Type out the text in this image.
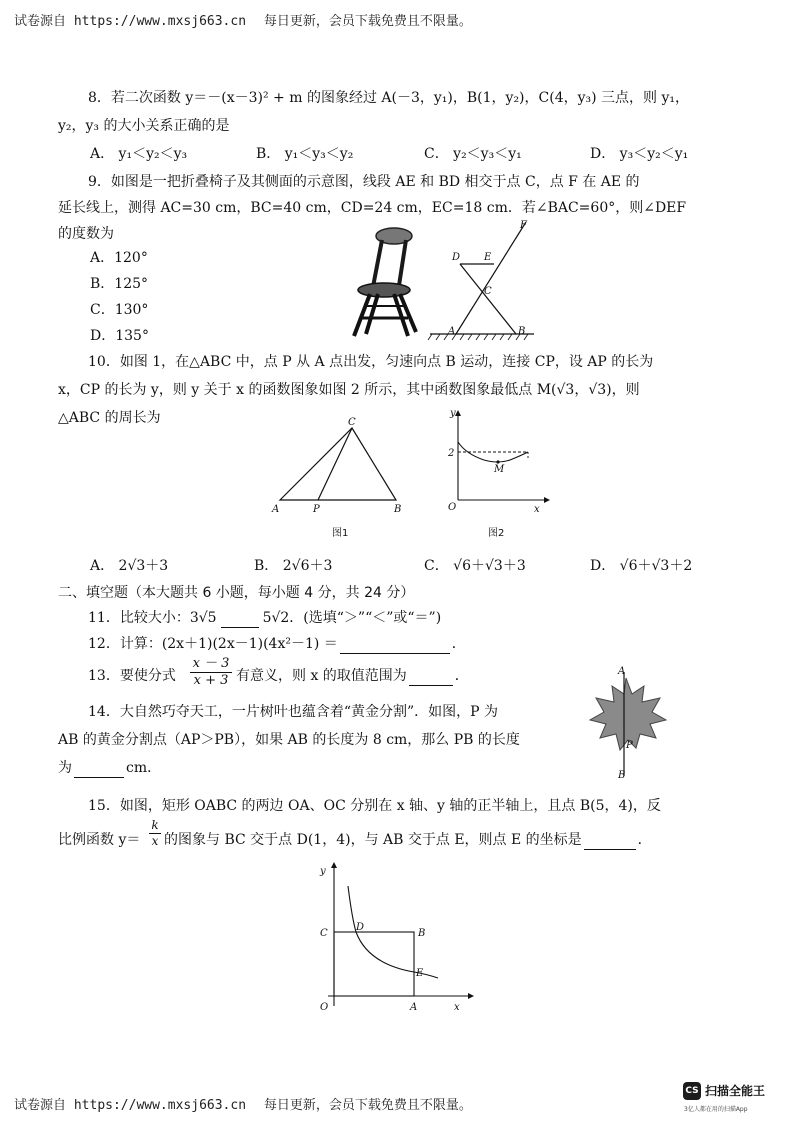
试卷源自 https://www.mxsj663.cn 每日更新，会员下载免费且不限量。
8．若二次函数 y＝－(x－3)² + m 的图象经过 A(－3，y₁)，B(1，y₂)，C(4，y₃) 三点，则 y₁，
y₂，y₃ 的大小关系正确的是
A． y₁＜y₂＜y₃	B． y₁＜y₃＜y₂	C． y₂＜y₃＜y₁	D． y₃＜y₂＜y₁
9．如图是一把折叠椅子及其侧面的示意图，线段 AE 和 BD 相交于点 C，点 F 在 AE 的
延长线上，测得 AC=30 cm，BC=40 cm，CD=24 cm，EC=18 cm．若∠BAC=60°，则∠DEF
的度数为
A．120°
B．125°
C．130°
D．135°
D E
F
C
A	B
10．如图 1，在△ABC 中，点 P 从 A 点出发，匀速向点 B 运动，连接 CP，设 AP 的长为
x，CP 的长为 y，则 y 关于 x 的函数图象如图 2 所示，其中函数图象最低点 M(√3，√3)，则
△ABC 的周长为	C
A	P	B
图1
y
2
M
O	x
图2
A． 2√3＋3	B． 2√6＋3	C． √6＋√3＋3	D． √6＋√3＋2
二、填空题（本大题共 6 小题，每小题 4 分，共 24 分）
11．比较大小：3√5	5√2．(选填“＞”“＜”或“＝”)
12．计算：(2x＋1)(2x－1)(4x²－1) ＝	．
13．要使分式 $\frac{x - 3}{x + 3}$ 有意义，则 x 的取值范围为	．
14．大自然巧夺天工，一片树叶也蕴含着“黄金分割”．如图，P 为
AB 的黄金分割点（AP＞PB），如果 AB 的长度为 8 cm，那么 PB 的长度
为	cm．
A
P
B
15．如图，矩形 OABC 的两边 OA、OC 分别在 x 轴、y 轴的正半轴上，且点 B(5，4)，反
比例函数 $y= \frac{k}{x}$ 的图象与 BC 交于点 D(1，4)，与 AB 交于点 E，则点 E 的坐标是	．
y
C
D
B
E
O	A	x
试卷源自 https://www.mxsj663.cn 每日更新，会员下载免费且不限量。
CS 扫描全能王
3亿人都在用的扫描App
